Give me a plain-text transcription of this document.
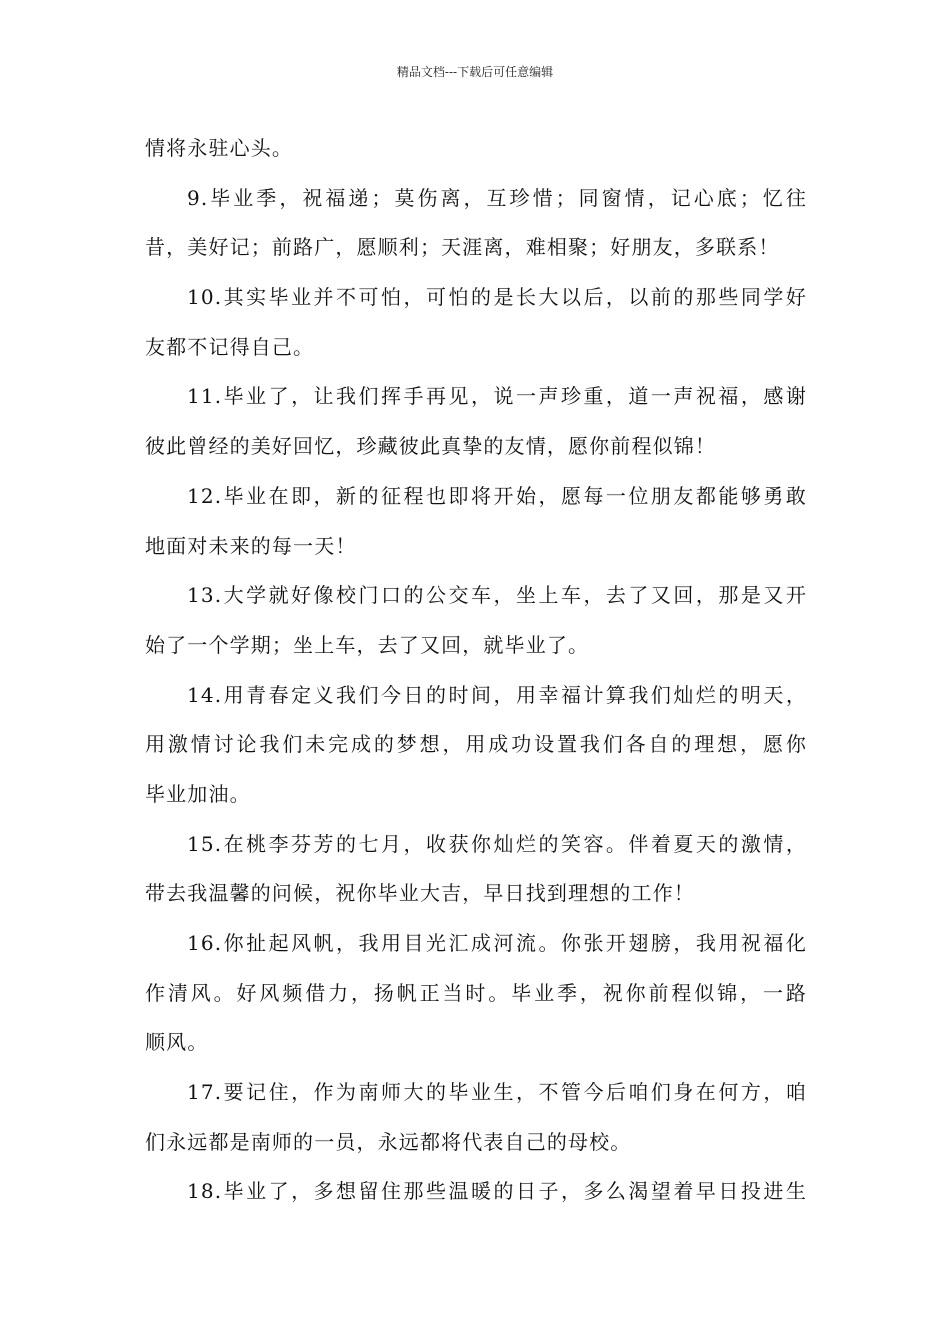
精品文档---下载后可任意编辑
情将永驻心头。
9.毕业季，祝福递；莫伤离，互珍惜；同窗情，记心底；忆往
昔，美好记；前路广，愿顺利；天涯离，难相聚；好朋友，多联系！
10.其实毕业并不可怕，可怕的是长大以后，以前的那些同学好
友都不记得自己。
11.毕业了，让我们挥手再见，说一声珍重，道一声祝福，感谢
彼此曾经的美好回忆，珍藏彼此真挚的友情，愿你前程似锦！
12.毕业在即，新的征程也即将开始，愿每一位朋友都能够勇敢
地面对未来的每一天！
13.大学就好像校门口的公交车，坐上车，去了又回，那是又开
始了一个学期；坐上车，去了又回，就毕业了。
14.用青春定义我们今日的时间，用幸福计算我们灿烂的明天，
用激情讨论我们未完成的梦想，用成功设置我们各自的理想，愿你
毕业加油。
15.在桃李芬芳的七月，收获你灿烂的笑容。伴着夏天的激情，
带去我温馨的问候，祝你毕业大吉，早日找到理想的工作！
16.你扯起风帆，我用目光汇成河流。你张开翅膀，我用祝福化
作清风。好风频借力，扬帆正当时。毕业季，祝你前程似锦，一路
顺风。
17.要记住，作为南师大的毕业生，不管今后咱们身在何方，咱
们永远都是南师的一员，永远都将代表自己的母校。
18.毕业了，多想留住那些温暖的日子，多么渴望着早日投进生
